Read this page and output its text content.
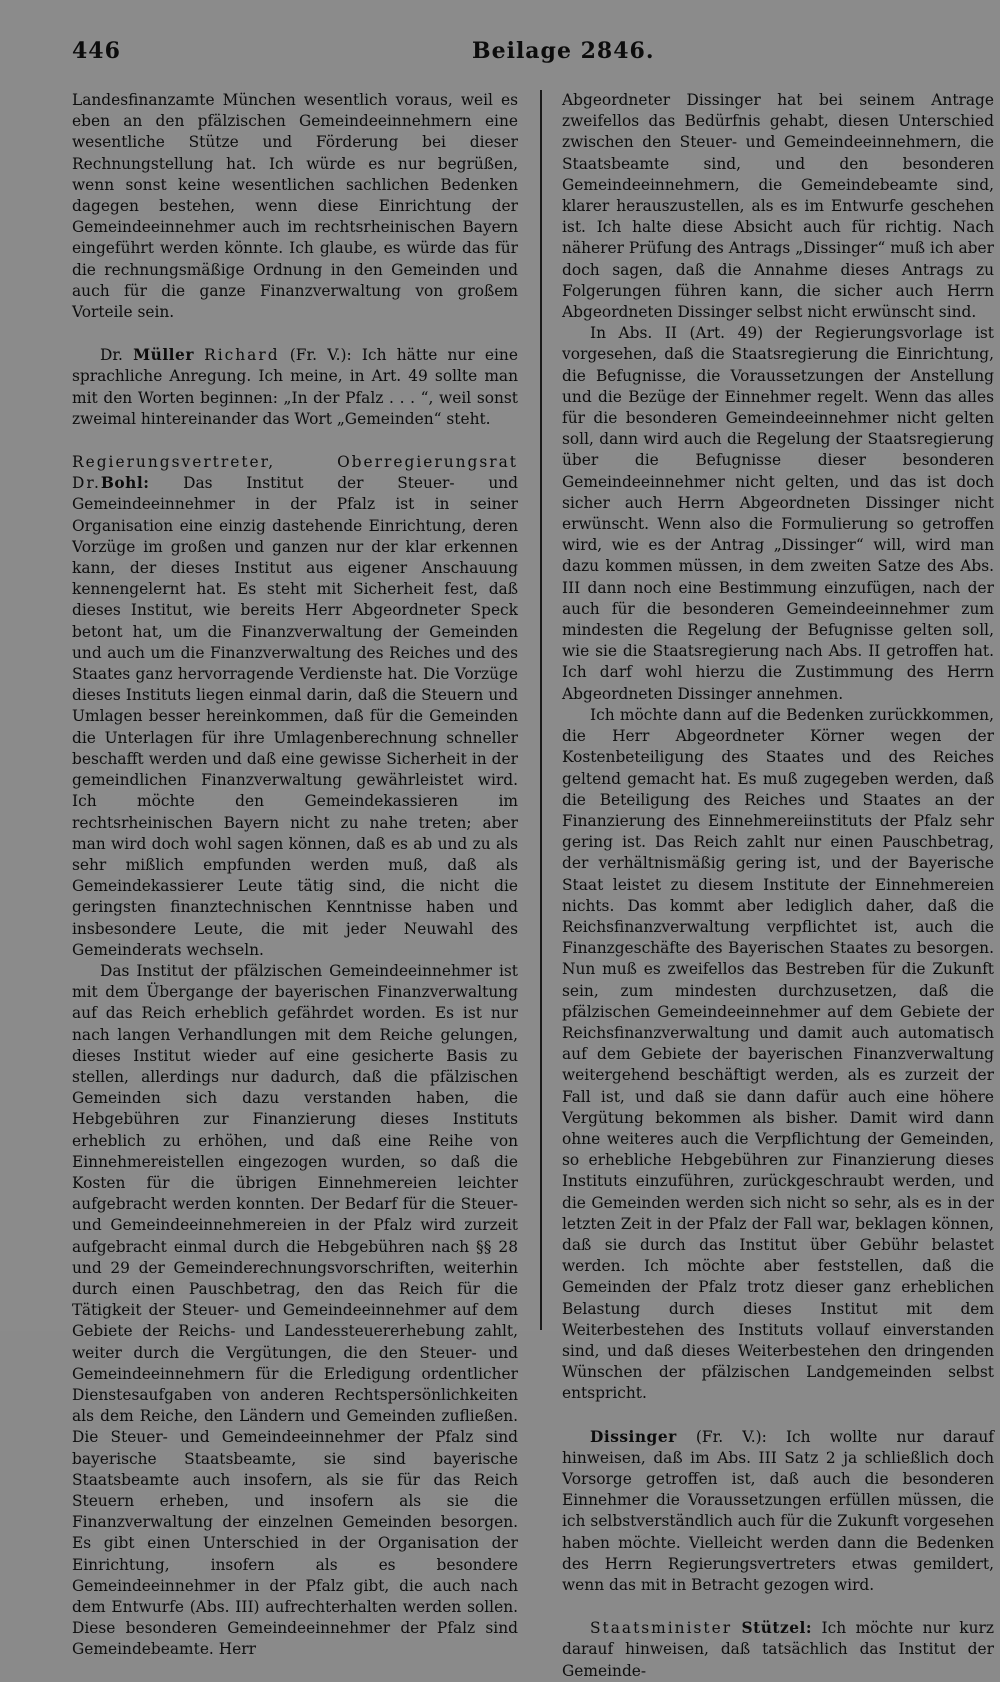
446	Beilage 2846.

Landesfinanzamte München wesentlich voraus, weil es eben an den pfälzischen Gemeindeeinnehmern eine wesentliche Stütze und Förderung bei dieser Rechnungstellung hat. Ich würde es nur begrüßen, wenn sonst keine wesentlichen sachlichen Bedenken dagegen bestehen, wenn diese Einrichtung der Gemeindeeinnehmer auch im rechtsrheinischen Bayern eingeführt werden könnte. Ich glaube, es würde das für die rechnungsmäßige Ordnung in den Gemeinden und auch für die ganze Finanzverwaltung von großem Vorteile sein.

Dr. Müller Richard (Fr. V.): Ich hätte nur eine sprachliche Anregung. Ich meine, in Art. 49 sollte man mit den Worten beginnen: „In der Pfalz . . . “, weil sonst zweimal hintereinander das Wort „Gemeinden“ steht.

Regierungsvertreter, Oberregierungsrat Dr.Bohl: Das Institut der Steuer- und Gemeindeeinnehmer in der Pfalz ist in seiner Organisation eine einzig dastehende Einrichtung, deren Vorzüge im großen und ganzen nur der klar erkennen kann, der dieses Institut aus eigener Anschauung kennengelernt hat. Es steht mit Sicherheit fest, daß dieses Institut, wie bereits Herr Abgeordneter Speck betont hat, um die Finanzverwaltung der Gemeinden und auch um die Finanzverwaltung des Reiches und des Staates ganz hervorragende Verdienste hat. Die Vorzüge dieses Instituts liegen einmal darin, daß die Steuern und Umlagen besser hereinkommen, daß für die Gemeinden die Unterlagen für ihre Umlagenberechnung schneller beschafft werden und daß eine gewisse Sicherheit in der gemeindlichen Finanzverwaltung gewährleistet wird. Ich möchte den Gemeindekassieren im rechtsrheinischen Bayern nicht zu nahe treten; aber man wird doch wohl sagen können, daß es ab und zu als sehr mißlich empfunden werden muß, daß als Gemeindekassierer Leute tätig sind, die nicht die geringsten finanztechnischen Kenntnisse haben und insbesondere Leute, die mit jeder Neuwahl des Gemeinderats wechseln.

Das Institut der pfälzischen Gemeindeeinnehmer ist mit dem Übergange der bayerischen Finanzverwaltung auf das Reich erheblich gefährdet worden. Es ist nur nach langen Verhandlungen mit dem Reiche gelungen, dieses Institut wieder auf eine gesicherte Basis zu stellen, allerdings nur dadurch, daß die pfälzischen Gemeinden sich dazu verstanden haben, die Hebgebühren zur Finanzierung dieses Instituts erheblich zu erhöhen, und daß eine Reihe von Einnehmereistellen eingezogen wurden, so daß die Kosten für die übrigen Einnehmereien leichter aufgebracht werden konnten. Der Bedarf für die Steuer- und Gemeindeeinnehmereien in der Pfalz wird zurzeit aufgebracht einmal durch die Hebgebühren nach §§ 28 und 29 der Gemeinderechnungsvorschriften, weiterhin durch einen Pauschbetrag, den das Reich für die Tätigkeit der Steuer- und Gemeindeeinnehmer auf dem Gebiete der Reichs- und Landessteuererhebung zahlt, weiter durch die Vergütungen, die den Steuer- und Gemeindeeinnehmern für die Erledigung ordentlicher Dienstesaufgaben von anderen Rechtspersönlichkeiten als dem Reiche, den Ländern und Gemeinden zufließen. Die Steuer- und Gemeindeeinnehmer der Pfalz sind bayerische Staatsbeamte, sie sind bayerische Staatsbeamte auch insofern, als sie für das Reich Steuern erheben, und insofern als sie die Finanzverwaltung der einzelnen Gemeinden besorgen. Es gibt einen Unterschied in der Organisation der Einrichtung, insofern als es besondere Gemeindeeinnehmer in der Pfalz gibt, die auch nach dem Entwurfe (Abs. III) aufrechterhalten werden sollen. Diese besonderen Gemeindeeinnehmer der Pfalz sind Gemeindebeamte. Herr

Abgeordneter Dissinger hat bei seinem Antrage zweifellos das Bedürfnis gehabt, diesen Unterschied zwischen den Steuer- und Gemeindeeinnehmern, die Staatsbeamte sind, und den besonderen Gemeindeeinnehmern, die Gemeindebeamte sind, klarer herauszustellen, als es im Entwurfe geschehen ist. Ich halte diese Absicht auch für richtig. Nach näherer Prüfung des Antrags „Dissinger“ muß ich aber doch sagen, daß die Annahme dieses Antrags zu Folgerungen führen kann, die sicher auch Herrn Abgeordneten Dissinger selbst nicht erwünscht sind.

In Abs. II (Art. 49) der Regierungsvorlage ist vorgesehen, daß die Staatsregierung die Einrichtung, die Befugnisse, die Voraussetzungen der Anstellung und die Bezüge der Einnehmer regelt. Wenn das alles für die besonderen Gemeindeeinnehmer nicht gelten soll, dann wird auch die Regelung der Staatsregierung über die Befugnisse dieser besonderen Gemeindeeinnehmer nicht gelten, und das ist doch sicher auch Herrn Abgeordneten Dissinger nicht erwünscht. Wenn also die Formulierung so getroffen wird, wie es der Antrag „Dissinger“ will, wird man dazu kommen müssen, in dem zweiten Satze des Abs. III dann noch eine Bestimmung einzufügen, nach der auch für die besonderen Gemeindeeinnehmer zum mindesten die Regelung der Befugnisse gelten soll, wie sie die Staatsregierung nach Abs. II getroffen hat. Ich darf wohl hierzu die Zustimmung des Herrn Abgeordneten Dissinger annehmen.

Ich möchte dann auf die Bedenken zurückkommen, die Herr Abgeordneter Körner wegen der Kostenbeteiligung des Staates und des Reiches geltend gemacht hat. Es muß zugegeben werden, daß die Beteiligung des Reiches und Staates an der Finanzierung des Einnehmereiinstituts der Pfalz sehr gering ist. Das Reich zahlt nur einen Pauschbetrag, der verhältnismäßig gering ist, und der Bayerische Staat leistet zu diesem Institute der Einnehmereien nichts. Das kommt aber lediglich daher, daß die Reichsfinanzverwaltung verpflichtet ist, auch die Finanzgeschäfte des Bayerischen Staates zu besorgen. Nun muß es zweifellos das Bestreben für die Zukunft sein, zum mindesten durchzusetzen, daß die pfälzischen Gemeindeeinnehmer auf dem Gebiete der Reichsfinanzverwaltung und damit auch automatisch auf dem Gebiete der bayerischen Finanzverwaltung weitergehend beschäftigt werden, als es zurzeit der Fall ist, und daß sie dann dafür auch eine höhere Vergütung bekommen als bisher. Damit wird dann ohne weiteres auch die Verpflichtung der Gemeinden, so erhebliche Hebgebühren zur Finanzierung dieses Instituts einzuführen, zurückgeschraubt werden, und die Gemeinden werden sich nicht so sehr, als es in der letzten Zeit in der Pfalz der Fall war, beklagen können, daß sie durch das Institut über Gebühr belastet werden. Ich möchte aber feststellen, daß die Gemeinden der Pfalz trotz dieser ganz erheblichen Belastung durch dieses Institut mit dem Weiterbestehen des Instituts vollauf einverstanden sind, und daß dieses Weiterbestehen den dringenden Wünschen der pfälzischen Landgemeinden selbst entspricht.

Dissinger (Fr. V.): Ich wollte nur darauf hinweisen, daß im Abs. III Satz 2 ja schließlich doch Vorsorge getroffen ist, daß auch die besonderen Einnehmer die Voraussetzungen erfüllen müssen, die ich selbstverständlich auch für die Zukunft vorgesehen haben möchte. Vielleicht werden dann die Bedenken des Herrn Regierungsvertreters etwas gemildert, wenn das mit in Betracht gezogen wird.

Staatsminister Stützel: Ich möchte nur kurz darauf hinweisen, daß tatsächlich das Institut der Gemeinde-
